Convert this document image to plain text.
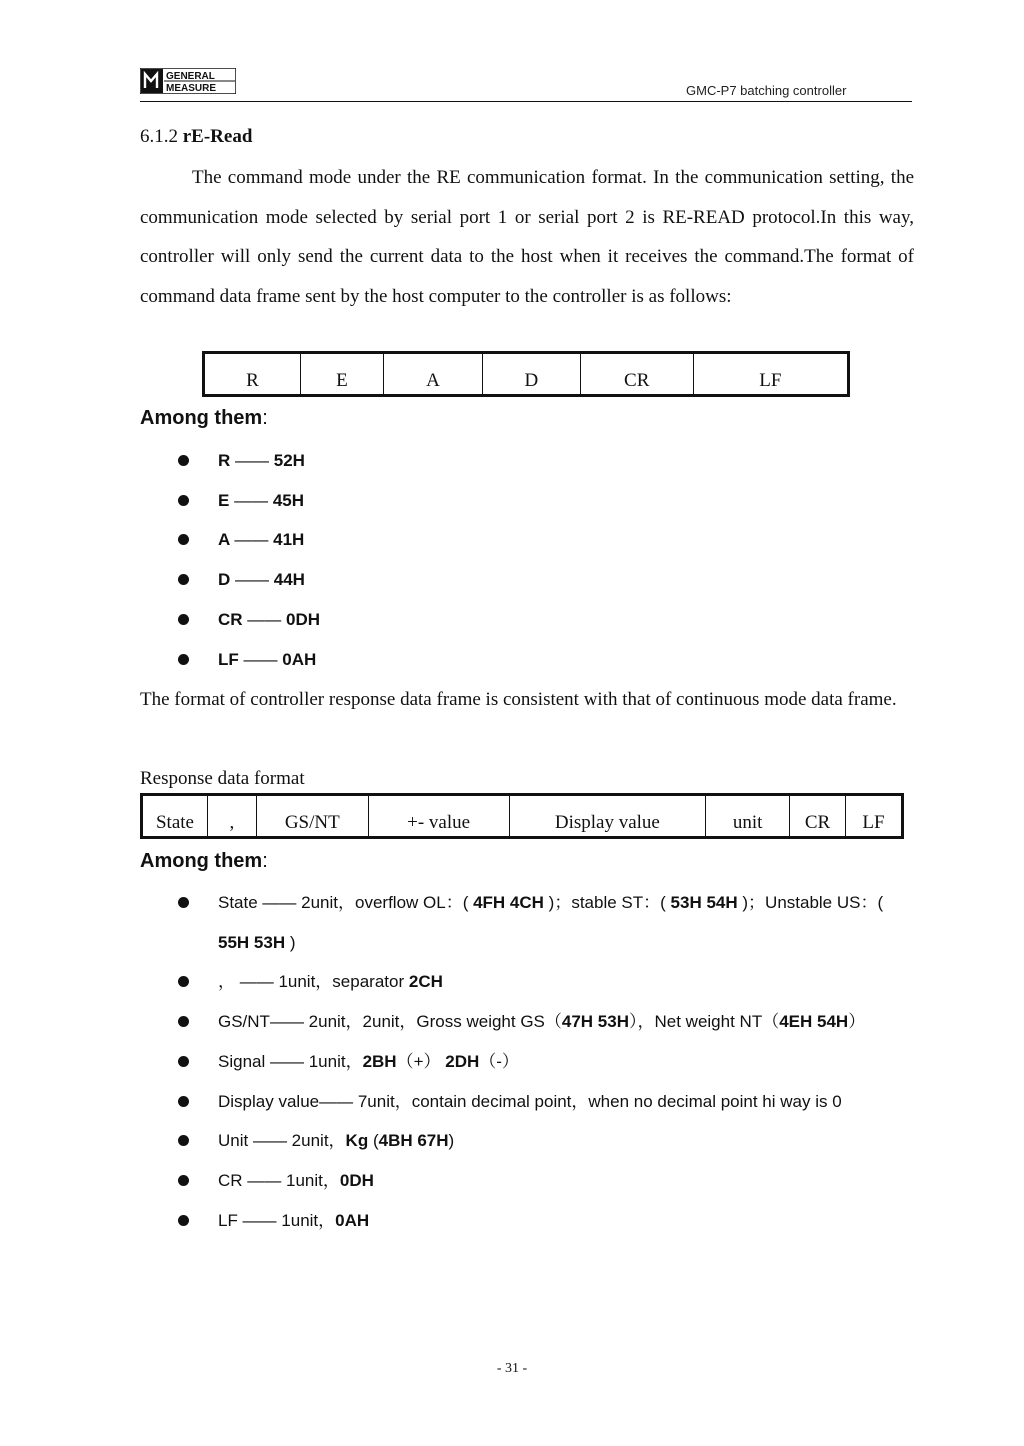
GENERAL
MEASURE	GMC-P7 batching controller
6.1.2 rE-Read

The command mode under the RE communication format. In the communication setting, the communication mode selected by serial port 1 or serial port 2 is RE-READ protocol.In this way, controller will only send the current data to the host when it receives the command.The format of command data frame sent by the host computer to the controller is as follows:

R	E	A	D	CR	LF
Among them:
R —— 52H
E —— 45H
A —— 41H
D —— 44H
CR —— 0DH
LF —— 0AH

The format of controller response data frame is consistent with that of continuous mode data frame.

Response data format

State	,	GS/NT	+- value	Display value	unit	CR	LF
Among them:
State —— 2unit，overflow OL：( 4FH 4CH )；stable ST：( 53H 54H )；Unstable US：( 55H 53H )
， —— 1unit，separator 2CH
GS/NT—— 2unit，2unit，Gross weight GS（47H 53H），Net weight NT（4EH 54H）
Signal —— 1unit，2BH（+） 2DH（-）
Display value—— 7unit，contain decimal point，when no decimal point hi way is 0
Unit —— 2unit，Kg (4BH 67H)
CR —— 1unit，0DH
LF —— 1unit，0AH
- 31 -
